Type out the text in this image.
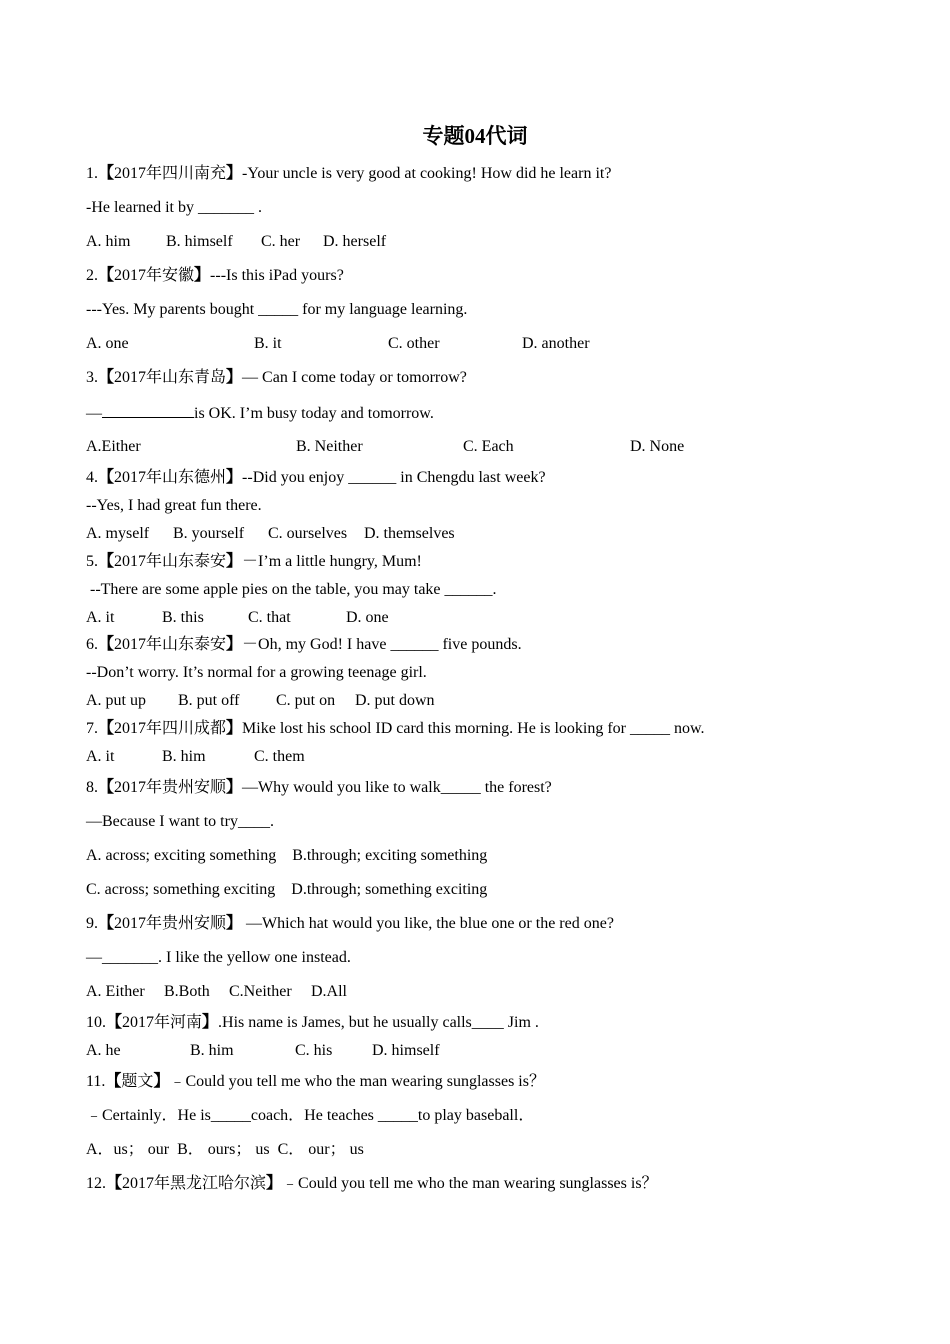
专题04代词
1.【2017年四川南充】-Your uncle is very good at cooking! How did he learn it?
-He learned it by _______ .
A. him B. himself C. her D. herself
2.【2017年安徽】---Is this iPad yours?
---Yes. My parents bought _____ for my language learning.
A. one	B. it	C. other	D. another
3.【2017年山东青岛】— Can I come today or tomorrow?
—	is OK. I’m busy today and tomorrow.
A.Either	B. Neither	C. Each	D. None
4.【2017年山东德州】--Did you enjoy ______ in Chengdu last week?
--Yes, I had great fun there.
A. myself B. yourself C. ourselves D. themselves
5.【2017年山东泰安】－I’m a little hungry, Mum!
--There are some apple pies on the table, you may take ______.
A. it	B. this	C. that	D. one
6.【2017年山东泰安】－Oh, my God! I have ______ five pounds.
--Don’t worry. It’s normal for a growing teenage girl.
A. put up B. put off C. put on D. put down
7.【2017年四川成都】Mike lost his school ID card this morning. He is looking for _____ now.
A. it	B. him	C. them
8.【2017年贵州安顺】—Why would you like to walk_____ the forest?
—Because I want to try____.
A. across; exciting something    B.through; exciting something
C. across; something exciting    D.through; something exciting
9.【2017年贵州安顺】 —Which hat would you like, the blue one or the red one?
—_______. I like the yellow one instead.
A. Either B.Both C.Neither D.All
10.【2017年河南】.His name is James, but he usually calls____ Jim .
A. he	B. him	C. his D. himself
11.【题文】﹣Could you tell me who the man wearing sunglasses is？
﹣Certainly．He is_____coach．He teaches _____to play baseball．
A．us； our  B． ours； us  C． our； us
12.【2017年黑龙江哈尔滨】﹣Could you tell me who the man wearing sunglasses is？
